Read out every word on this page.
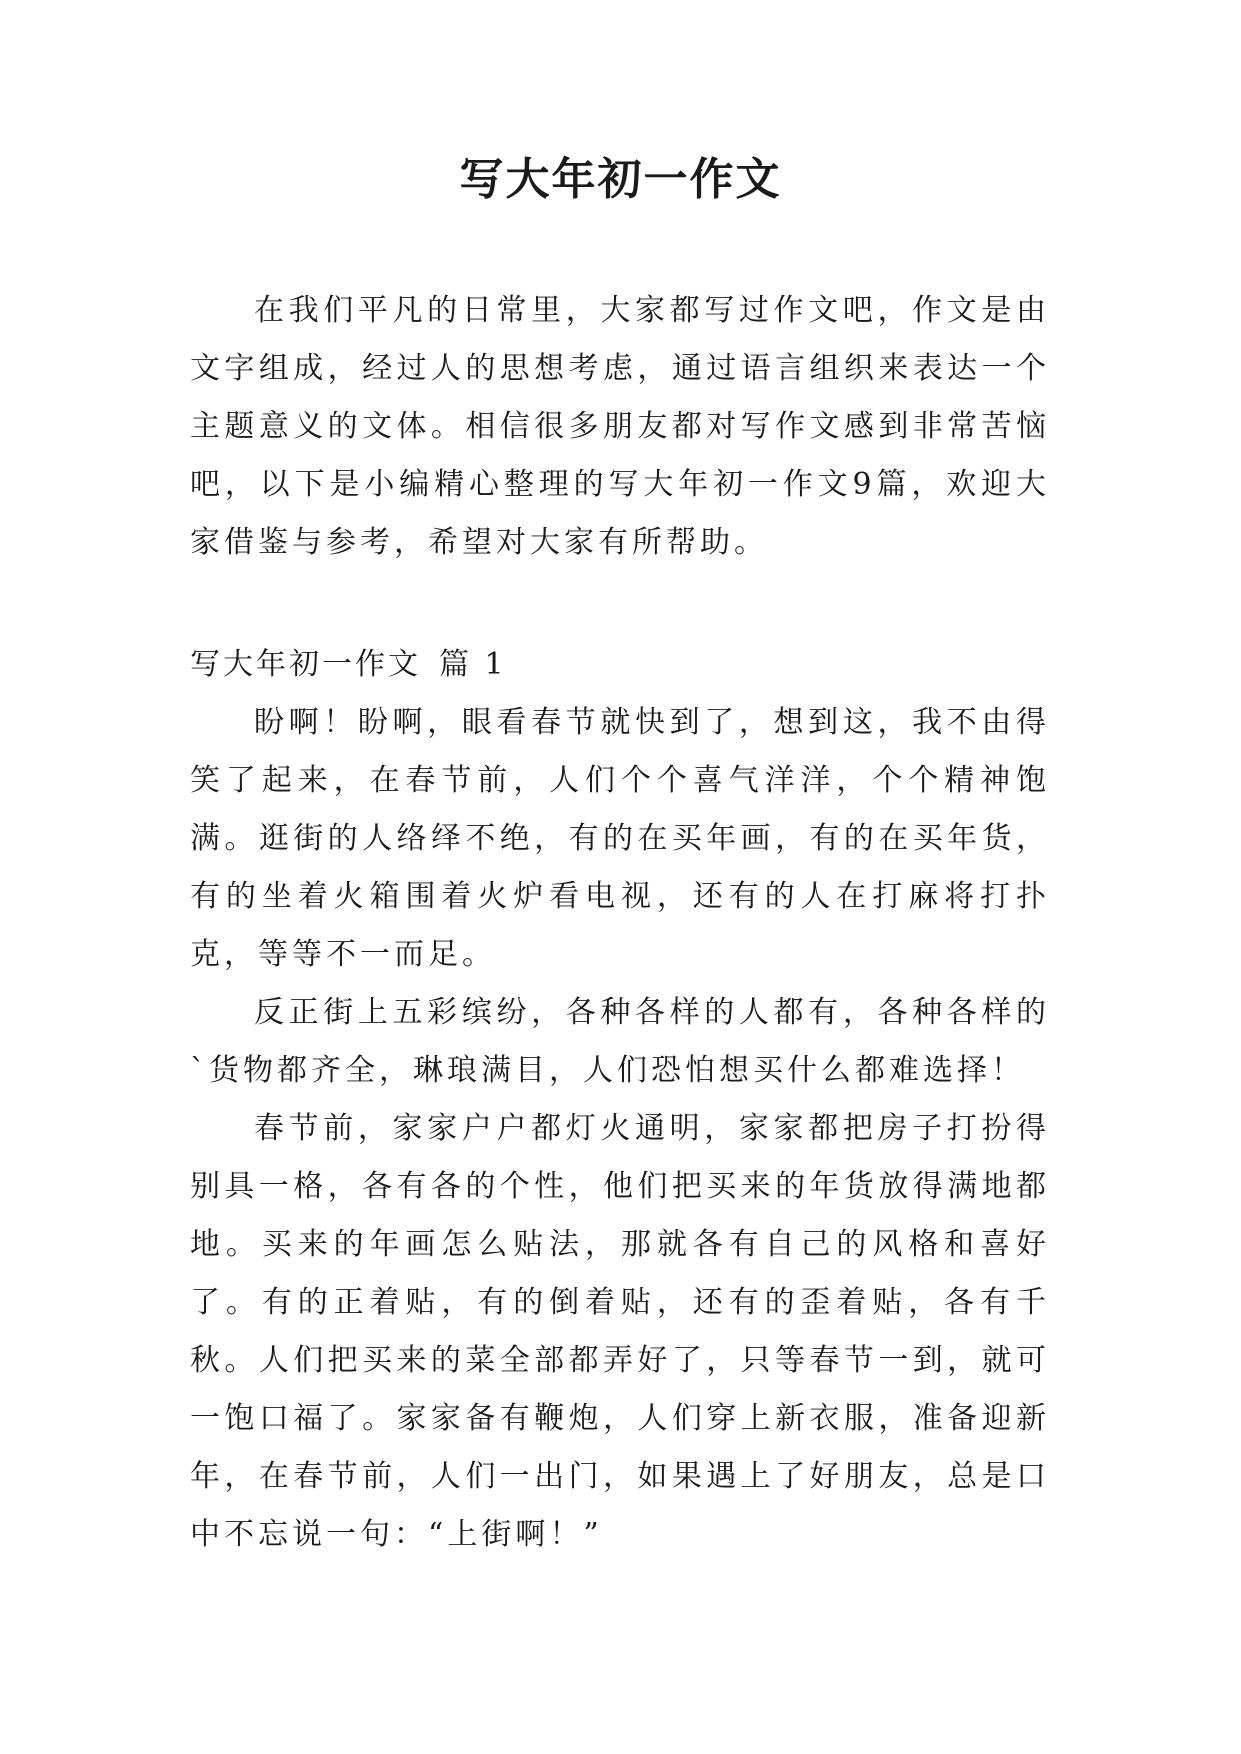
写大年初一作文

在我们平凡的日常里，大家都写过作文吧，作文是由文字组成，经过人的思想考虑，通过语言组织来表达一个主题意义的文体。相信很多朋友都对写作文感到非常苦恼吧，以下是小编精心整理的写大年初一作文9篇，欢迎大家借鉴与参考，希望对大家有所帮助。

写大年初一作文 篇 1

盼啊！盼啊，眼看春节就快到了，想到这，我不由得笑了起来，在春节前，人们个个喜气洋洋，个个精神饱满。逛街的人络绎不绝，有的在买年画，有的在买年货，有的坐着火箱围着火炉看电视，还有的人在打麻将打扑克，等等不一而足。

反正街上五彩缤纷，各种各样的人都有，各种各样的`货物都齐全，琳琅满目，人们恐怕想买什么都难选择！

春节前，家家户户都灯火通明，家家都把房子打扮得别具一格，各有各的个性，他们把买来的年货放得满地都地。买来的年画怎么贴法，那就各有自己的风格和喜好了。有的正着贴，有的倒着贴，还有的歪着贴，各有千秋。人们把买来的菜全部都弄好了，只等春节一到，就可一饱口福了。家家备有鞭炮，人们穿上新衣服，准备迎新年，在春节前，人们一出门，如果遇上了好朋友，总是口中不忘说一句：“上街啊！”
